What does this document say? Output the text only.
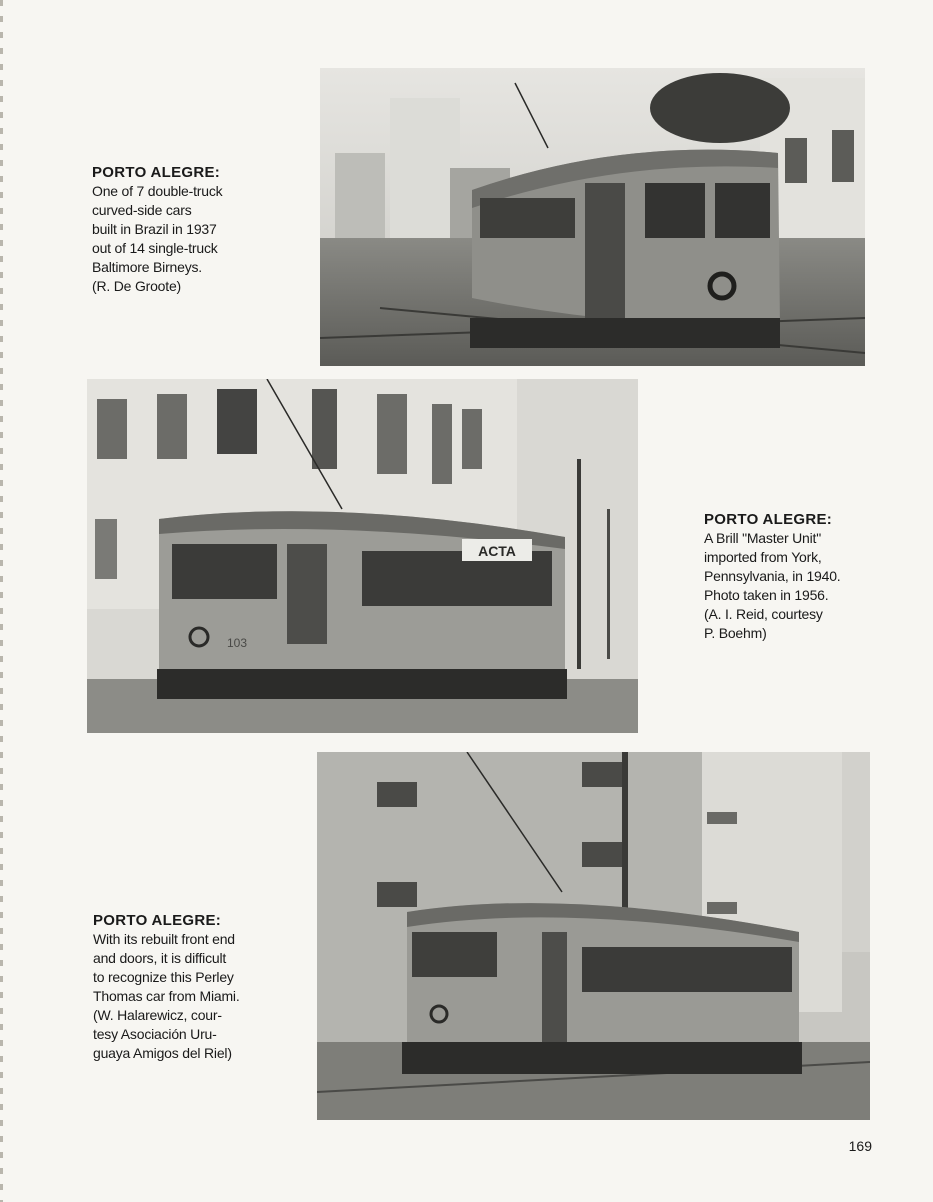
PORTO ALEGRE:
One of 7 double-truck
curved-side cars
built in Brazil in 1937
out of 14 single-truck
Baltimore Birneys.
(R. De Groote)
ACTA
103
PORTO ALEGRE:
A Brill "Master Unit"
imported from York,
Pennsylvania, in 1940.
Photo taken in 1956.
(A. I. Reid, courtesy
P. Boehm)
PORTO ALEGRE:
With its rebuilt front end
and doors, it is difficult
to recognize this Perley
Thomas car from Miami.
(W. Halarewicz, cour-
tesy Asociación Uru-
guaya Amigos del Riel)
169
